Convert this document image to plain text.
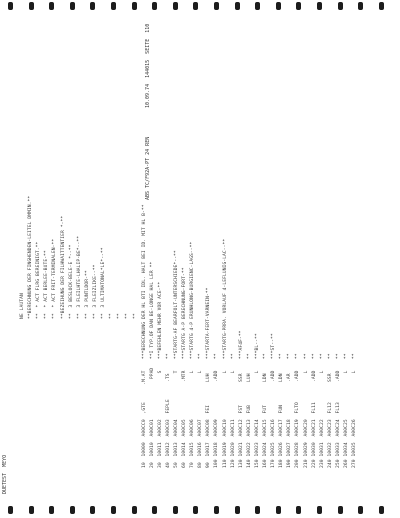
DUETEST  MEYO
ABS TC/F92A-PT 24 REN
10.09.74  144015  SEITE  110
NE LAUTAN **BERECHNUNG DER FINGHENDEN-LEITEL DMMIN.** **  * ACT FLRG BEREINIGT.** **  * ACT BERLEE-BUTE-** **  * ACT FRIT-TERMINALEN-** **BEZEIHUNG DER FILHWAITTENTIER *-** **  3 BESLOCK-BELE-E *--** **  3 FLEILHTE-LHALIP-BE*--** **  3 PUNTLDOR-** **  3 FLEIZLIKE--** **  3 ULTIMATONAL*LE*--** ** ** ** ** 10  10000  A00CC0  ,GTE      .M.AT    ***BERECHNUNG DER HL BTI IDL. HALT BEI ID. MIT HL B-** 20  10010  A00C01              PPAD   **I TYP.OF DAN BE-LONGE HAL LER ** 30  10011  A00C02                S    ***BEFEHLEN MEHR VOR ACE-** 40  10012  A00C03  FEPLE      .TS     ** 50  10013  A00C04                T    **STARTG-AF BEARFOLT-UNTERSCHIEDE*--** 60  10014  A00C05             .MTR    ***STARTG A-P BERECHNUNG-FORT-** 70  10015  A00C06                L    ***STARTG 4-P ERUNHLONG-BURGIENC-LAGS--** 80  10016  A00C07                L    ** 90  10017  A00C08  FEI        LUH     ***STARTA-FERT-VARNEIN-** 100 10018  A00C09             .ADD    ** 110 10019  A00C10                L    ***STARTG-PRRA. VORLAUF 4-LEFLUNIG-LAC--** 120 10020  A00C11                L    ** 130 10021  A00C12  FST        SSR     ***AF4F-** 140 10022  A00C13  FUB        LUH     ** 150 10023  A00C14                L    ***BL--** 160 10024  A00C15  FUT        LDN     ** 170 10025  A00C16             .ADD    ***ST--** 180 10026  A00C17  FUN        LDN     ** 190 10027  A00C18             .AR     ** 200 10028  A00C19  FLTO       .ADD    ** 210 10029  A00C20                L    ** 220 10030  A00C21  FL11       .ADD    ** 230 10031  A00C22                L    ** 240 10032  A00C23  FL12       SSR     ** 250 10033  A00C24  FL13       .ADD    ** 260 10034  A00C25                L    ** 270 10035  A00C26                L    **
